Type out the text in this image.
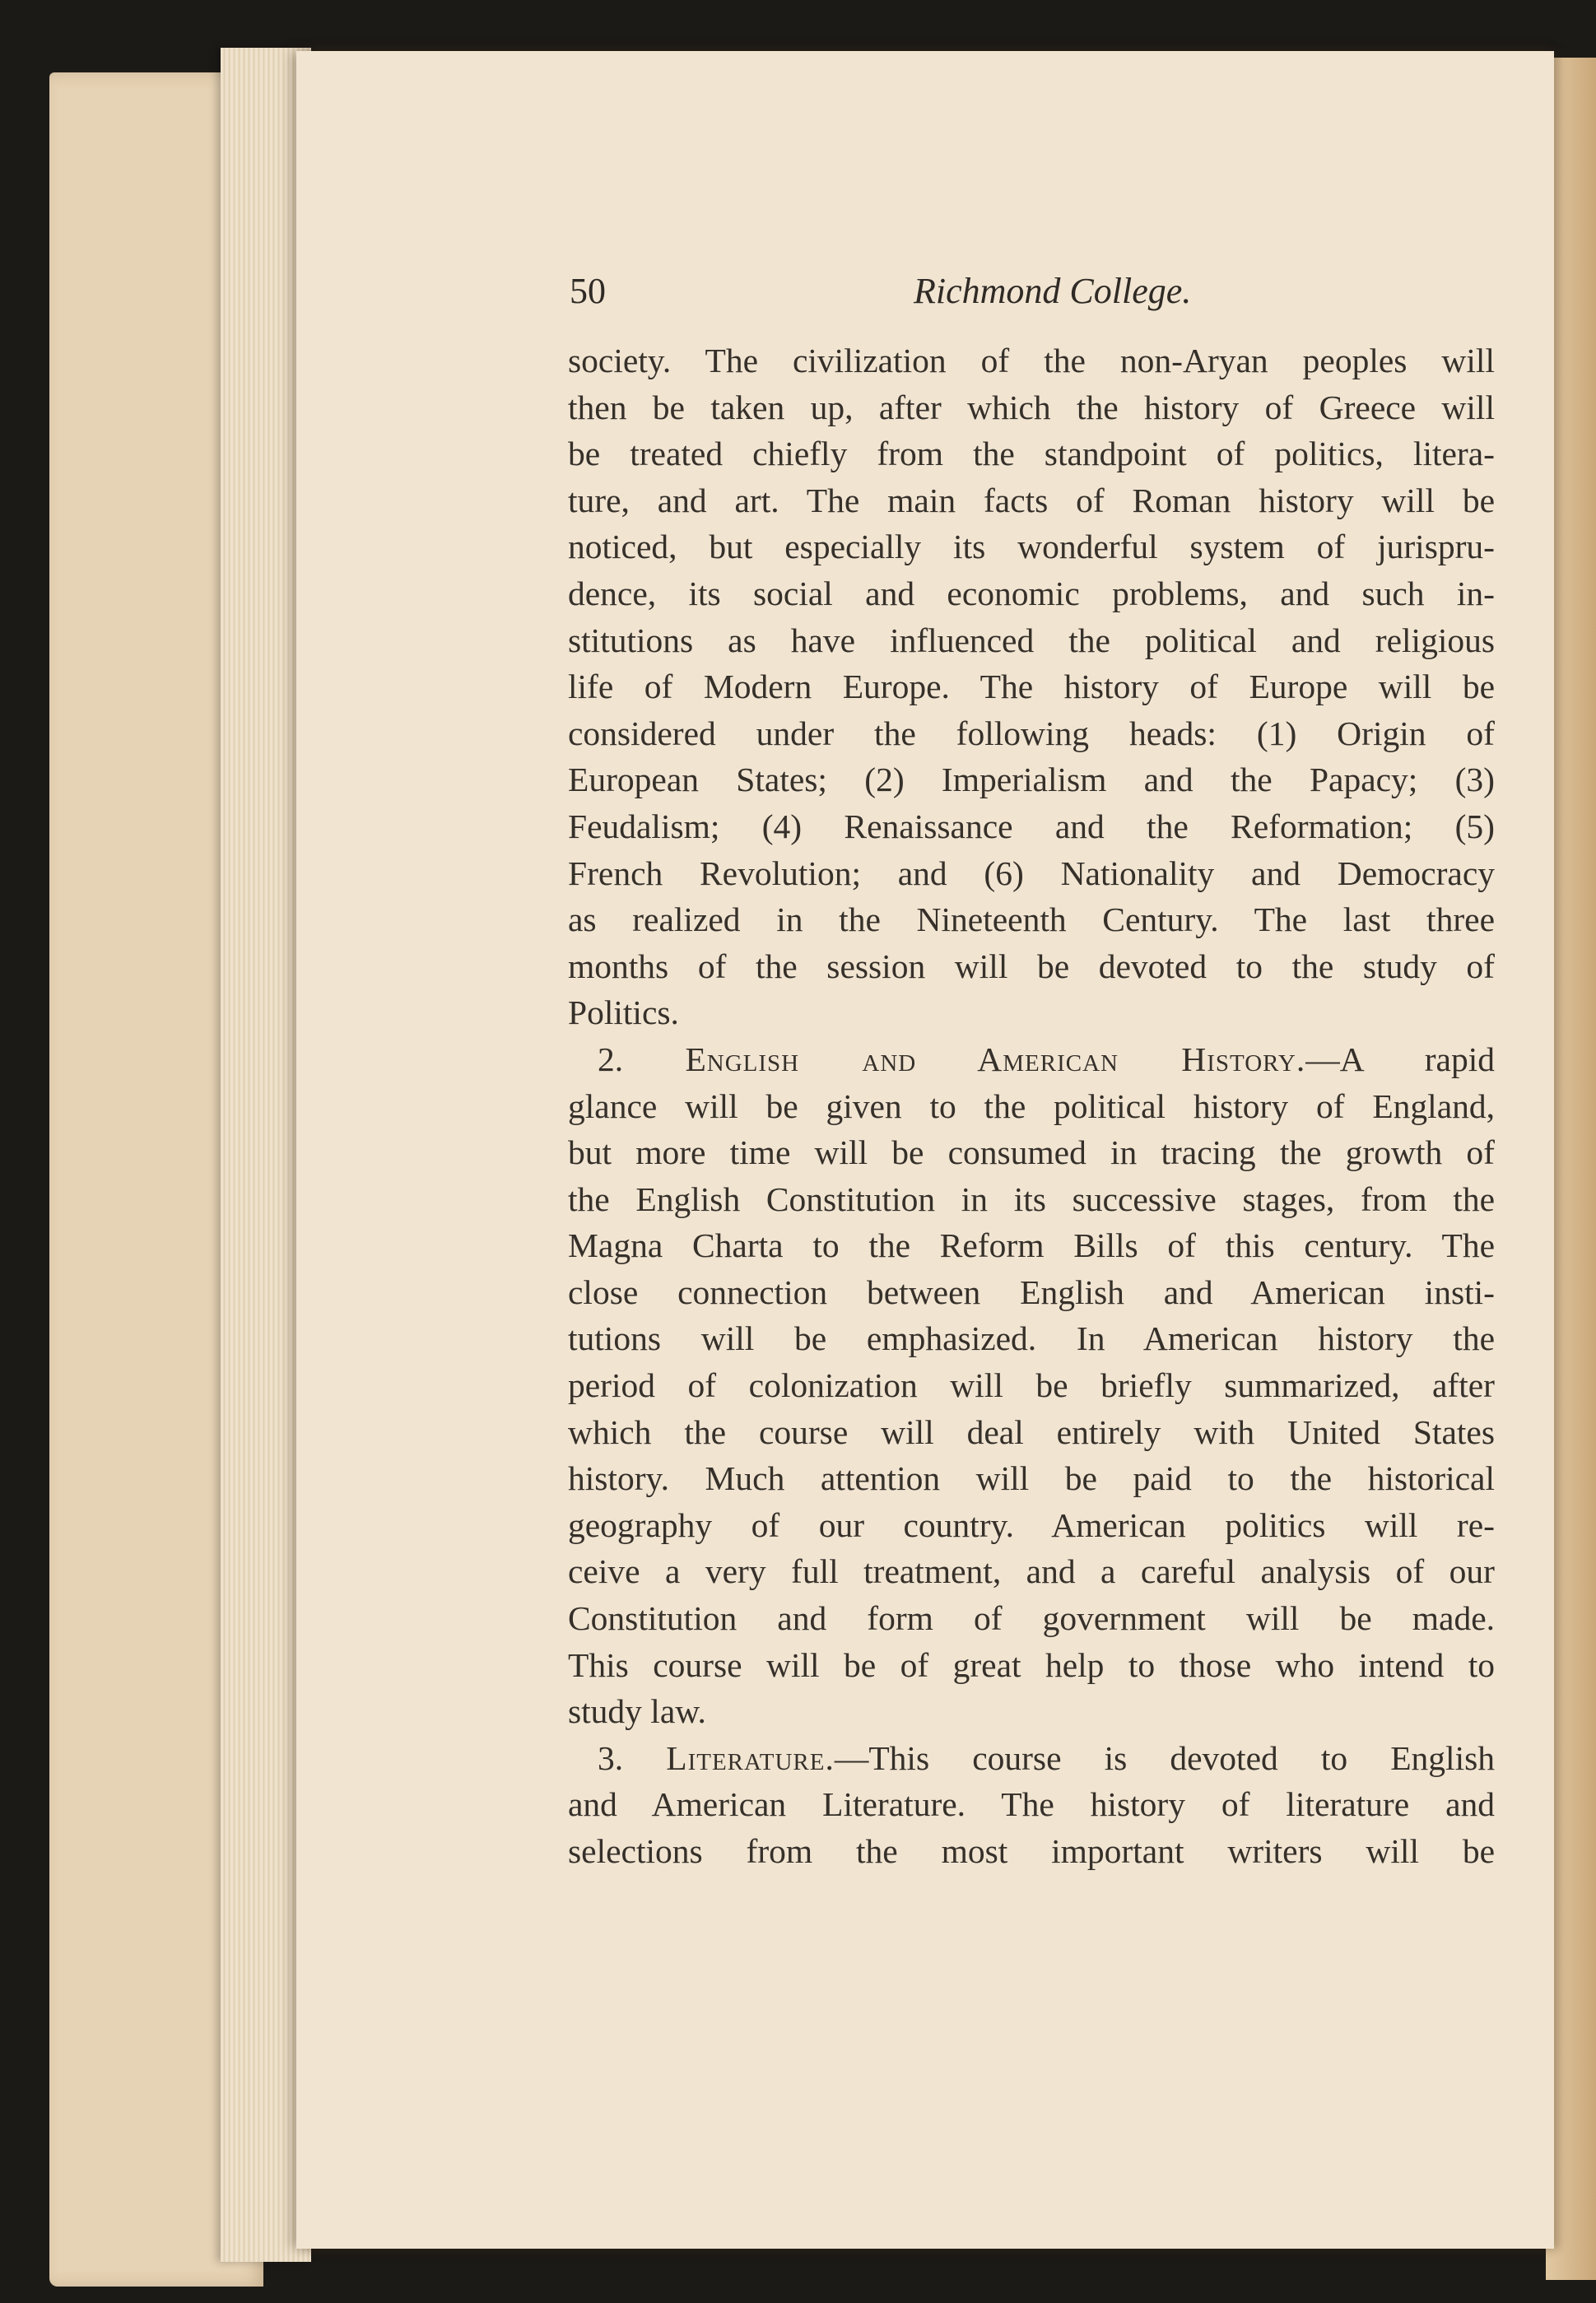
50	Richmond College.
society. The civilization of the non-Aryan peoples will
then be taken up, after which the history of Greece will
be treated chiefly from the standpoint of politics, litera-
ture, and art. The main facts of Roman history will be
noticed, but especially its wonderful system of jurispru-
dence, its social and economic problems, and such in-
stitutions as have influenced the political and religious
life of Modern Europe. The history of Europe will be
considered under the following heads: (1) Origin of
European States; (2) Imperialism and the Papacy; (3)
Feudalism; (4) Renaissance and the Reformation; (5)
French Revolution; and (6) Nationality and Democracy
as realized in the Nineteenth Century. The last three
months of the session will be devoted to the study of
Politics.
2. English and American History.—A rapid
glance will be given to the political history of England,
but more time will be consumed in tracing the growth of
the English Constitution in its successive stages, from the
Magna Charta to the Reform Bills of this century. The
close connection between English and American insti-
tutions will be emphasized. In American history the
period of colonization will be briefly summarized, after
which the course will deal entirely with United States
history. Much attention will be paid to the historical
geography of our country. American politics will re-
ceive a very full treatment, and a careful analysis of our
Constitution and form of government will be made.
This course will be of great help to those who intend to
study law.
3. Literature.—This course is devoted to English
and American Literature. The history of literature and
selections from the most important writers will be
